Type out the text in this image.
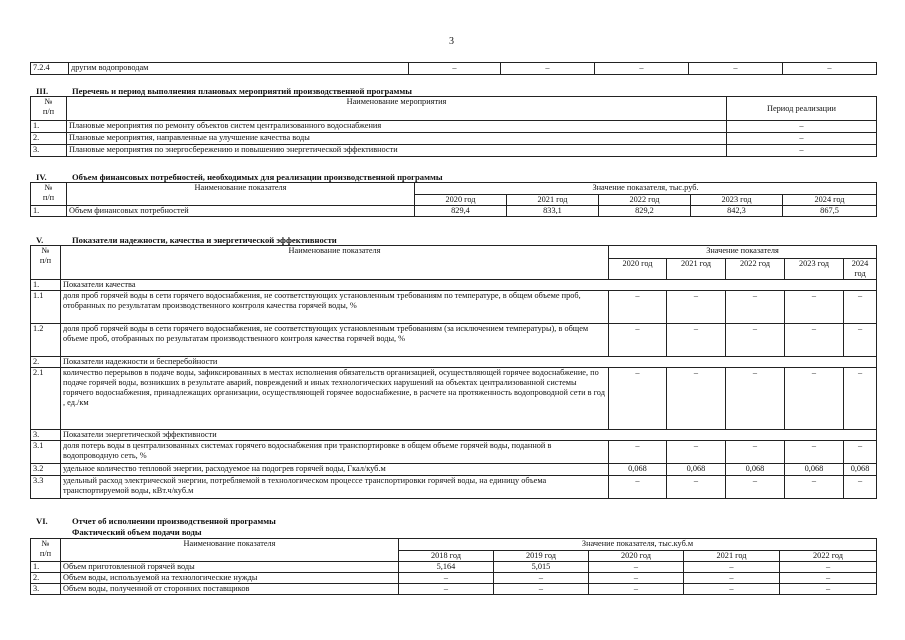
3
7.2.4	другим водопроводам	–	–	–	–	–
III.	Перечень и период выполнения плановых мероприятий производственной программы
№
п/п	Наименование мероприятия	Период реализации
1.	Плановые мероприятия по ремонту объектов систем централизованного водоснабжения	–
2.	Плановые мероприятия, направленные на улучшение качества воды	–
3.	Плановые мероприятия по энергосбережению и повышению энергетической эффективности	–
IV.	Объем финансовых потребностей, необходимых для реализации производственной программы
№
п/п	Наименование показателя	Значение показателя, тыс.руб.				
		2020 год	2021 год	2022 год	2023 год	2024 год
1.	Объем финансовых потребностей	829,4	833,1	829,2	842,3	867,5
V.	Показатели надежности, качества и энергетической эффективности
№
п/п	Наименование показателя	Значение показателя				
		2020 год	2021 год	2022 год	2023 год	2024 год
1.	Показатели качества					
1.1	доля проб горячей воды в сети горячего водоснабжения, не соответствующих установленным требованиям по температуре, в общем объеме проб, отобранных по результатам производственного контроля качества горячей воды, %	–	–	–	–	–
1.2	доля проб горячей воды в сети горячего водоснабжения, не соответствующих установленным требованиям (за исключением температуры), в общем объеме проб, отобранных по результатам производственного контроля качества горячей воды, %	–	–	–	–	–
2.	Показатели надежности и бесперебойности					
2.1	количество перерывов в подаче воды, зафиксированных в местах исполнения обязательств организацией, осуществляющей горячее водоснабжение, по подаче горячей воды, возникших в результате аварий, повреждений и иных технологических нарушений на объектах централизованной системы горячего водоснабжения, принадлежащих организации, осуществляющей горячее водоснабжение, в расчете на протяженность водопроводной сети в год , ед./км	–	–	–	–	–
3.	Показатели энергетической эффективности					
3.1	доля потерь воды в централизованных системах горячего водоснабжения при транспортировке в общем объеме горячей воды, поданной в водопроводную сеть, %	–	–	–	–	–
3.2	удельное количество тепловой энергии, расходуемое на подогрев горячей воды, Гкал/куб.м	0,068	0,068	0,068	0,068	0,068
3.3	удельный расход электрической энергии, потребляемой в технологическом процессе транспортировки горячей воды, на единицу объема транспортируемой воды, кВт.ч/куб.м	–	–	–	–	–
VI.	Отчет об исполнении производственной программы
Фактический объем подачи воды
№
п/п	Наименование показателя	Значение показателя, тыс.куб.м				
		2018 год	2019 год	2020 год	2021 год	2022 год
1.	Объем приготовленной горячей воды	5,164	5,015	–	–	–
2.	Объем воды, используемой на технологические нужды	–	–	–	–	–
3.	Объем воды, полученной от сторонних поставщиков	–	–	–	–	–
